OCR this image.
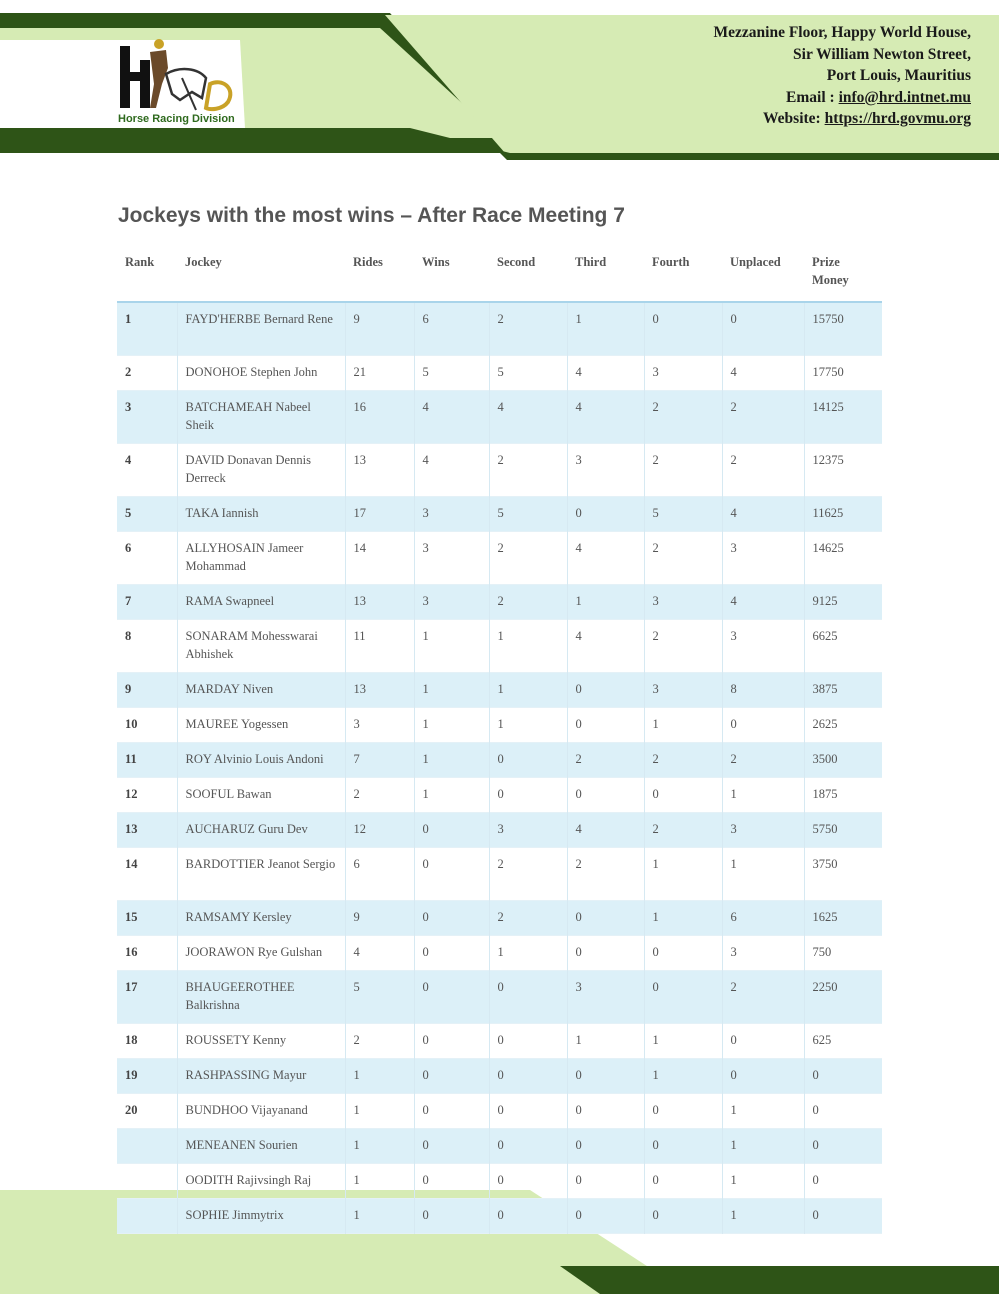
Horse Racing Division
Mezzanine Floor, Happy World House,
Sir William Newton Street,
Port Louis, Mauritius
Email : info@hrd.intnet.mu
Website: https://hrd.govmu.org
Jockeys with the most wins – After Race Meeting 7
Rank	Jockey	Rides	Wins	Second	Third	Fourth	Unplaced	Prize Money
1	FAYD'HERBE Bernard Rene	9	6	2	1	0	0	15750
2	DONOHOE Stephen John	21	5	5	4	3	4	17750
3	BATCHAMEAH Nabeel Sheik	16	4	4	4	2	2	14125
4	DAVID Donavan Dennis Derreck	13	4	2	3	2	2	12375
5	TAKA Iannish	17	3	5	0	5	4	11625
6	ALLYHOSAIN Jameer Mohammad	14	3	2	4	2	3	14625
7	RAMA Swapneel	13	3	2	1	3	4	9125
8	SONARAM Mohesswarai Abhishek	11	1	1	4	2	3	6625
9	MARDAY Niven	13	1	1	0	3	8	3875
10	MAUREE Yogessen	3	1	1	0	1	0	2625
11	ROY Alvinio Louis Andoni	7	1	0	2	2	2	3500
12	SOOFUL Bawan	2	1	0	0	0	1	1875
13	AUCHARUZ Guru Dev	12	0	3	4	2	3	5750
14	BARDOTTIER Jeanot Sergio	6	0	2	2	1	1	3750
15	RAMSAMY Kersley	9	0	2	0	1	6	1625
16	JOORAWON Rye Gulshan	4	0	1	0	0	3	750
17	BHAUGEEROTHEE Balkrishna	5	0	0	3	0	2	2250
18	ROUSSETY Kenny	2	0	0	1	1	0	625
19	RASHPASSING Mayur	1	0	0	0	1	0	0
20	BUNDHOO Vijayanand	1	0	0	0	0	1	0
	MENEANEN Sourien	1	0	0	0	0	1	0
	OODITH Rajivsingh Raj	1	0	0	0	0	1	0
	SOPHIE Jimmytrix	1	0	0	0	0	1	0
